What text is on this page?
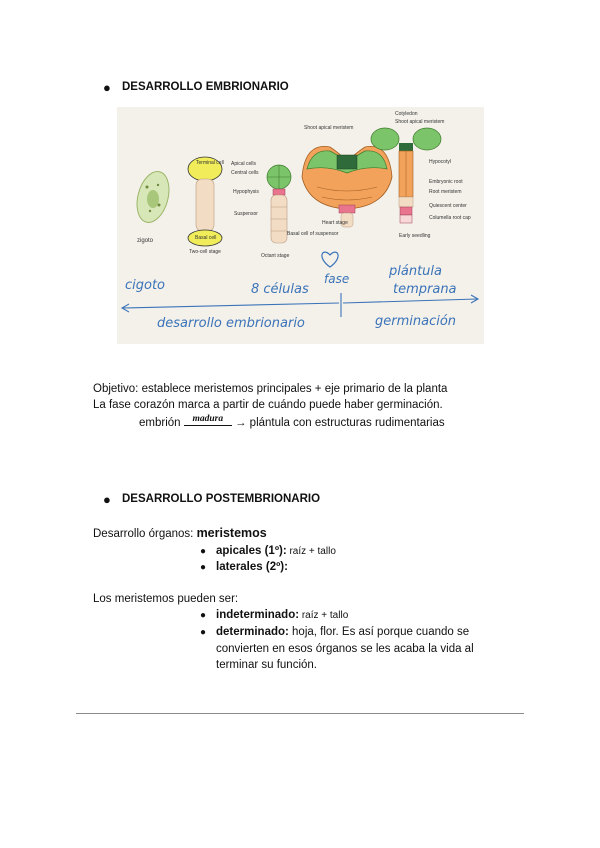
● DESARROLLO EMBRIONARIO
zigoto
Terminal cell
Basal cell
Two-cell stage
Apical cells
Central cells
Hypophysis
Suspensor
Basal cell of suspensor
Octant stage
Shoot apical meristem
Heart stage
Cotyledon
Shoot apical meristem
Hypocotyl
Embryonic root
Root meristem
Quiescent center
Columella root cap
Early seedling
cigoto	8 células
fase	plántula
temprana
desarrollo embrionario	germinación
Objetivo: establece meristemos principales + eje primario de la planta
La fase corazón marca a partir de cuándo puede haber germinación.
embrión	madura	→ plántula con estructuras rudimentarias
● DESARROLLO POSTEMBRIONARIO
Desarrollo órganos: meristemos
● apicales (1º): raíz + tallo
● laterales (2º):
Los meristemos pueden ser:
● indeterminado: raíz + tallo
● determinado: hoja, flor. Es así porque cuando se
convierten en esos órganos se les acaba la vida al
terminar su función.
